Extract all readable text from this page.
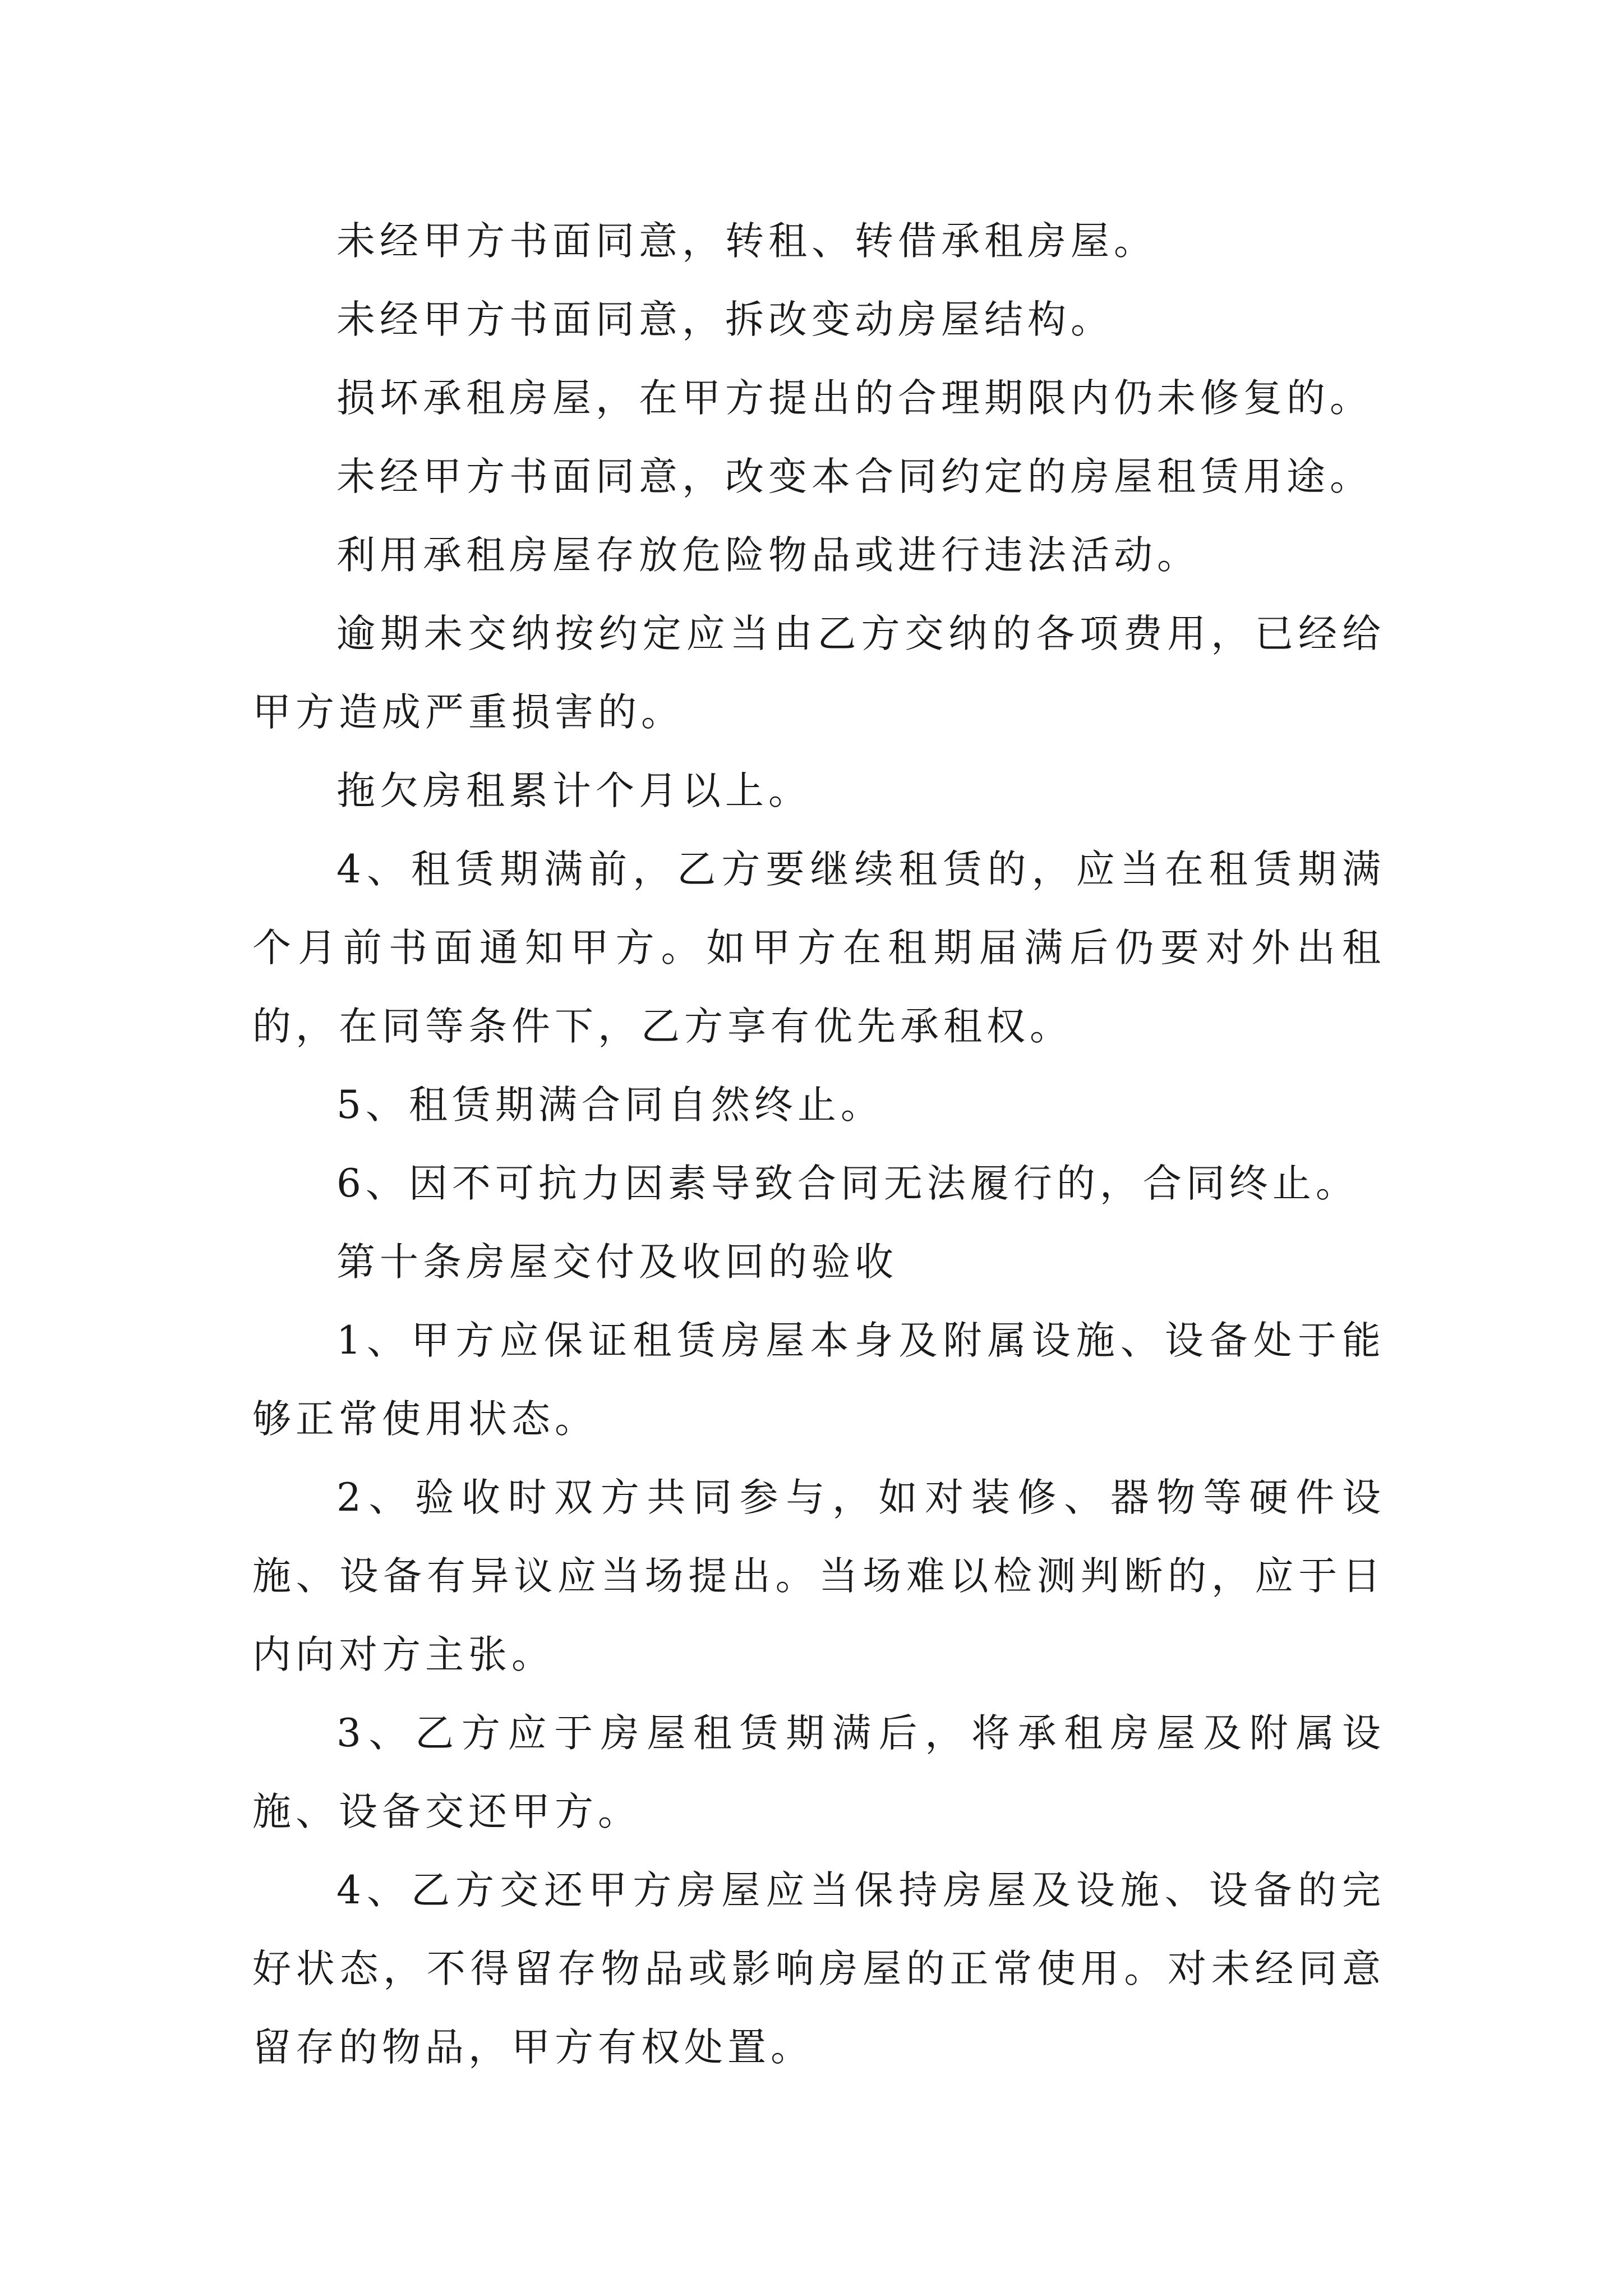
未经甲方书面同意，转租、转借承租房屋。

未经甲方书面同意，拆改变动房屋结构。

损坏承租房屋，在甲方提出的合理期限内仍未修复的。

未经甲方书面同意，改变本合同约定的房屋租赁用途。

利用承租房屋存放危险物品或进行违法活动。

逾期未交纳按约定应当由乙方交纳的各项费用，已经给甲方造成严重损害的。

拖欠房租累计个月以上。

4、租赁期满前，乙方要继续租赁的，应当在租赁期满个月前书面通知甲方。如甲方在租期届满后仍要对外出租的，在同等条件下，乙方享有优先承租权。

5、租赁期满合同自然终止。

6、因不可抗力因素导致合同无法履行的，合同终止。

第十条房屋交付及收回的验收

1、甲方应保证租赁房屋本身及附属设施、设备处于能够正常使用状态。

2、验收时双方共同参与，如对装修、器物等硬件设施、设备有异议应当场提出。当场难以检测判断的，应于日内向对方主张。

3、乙方应于房屋租赁期满后，将承租房屋及附属设施、设备交还甲方。

4、乙方交还甲方房屋应当保持房屋及设施、设备的完好状态，不得留存物品或影响房屋的正常使用。对未经同意留存的物品，甲方有权处置。
